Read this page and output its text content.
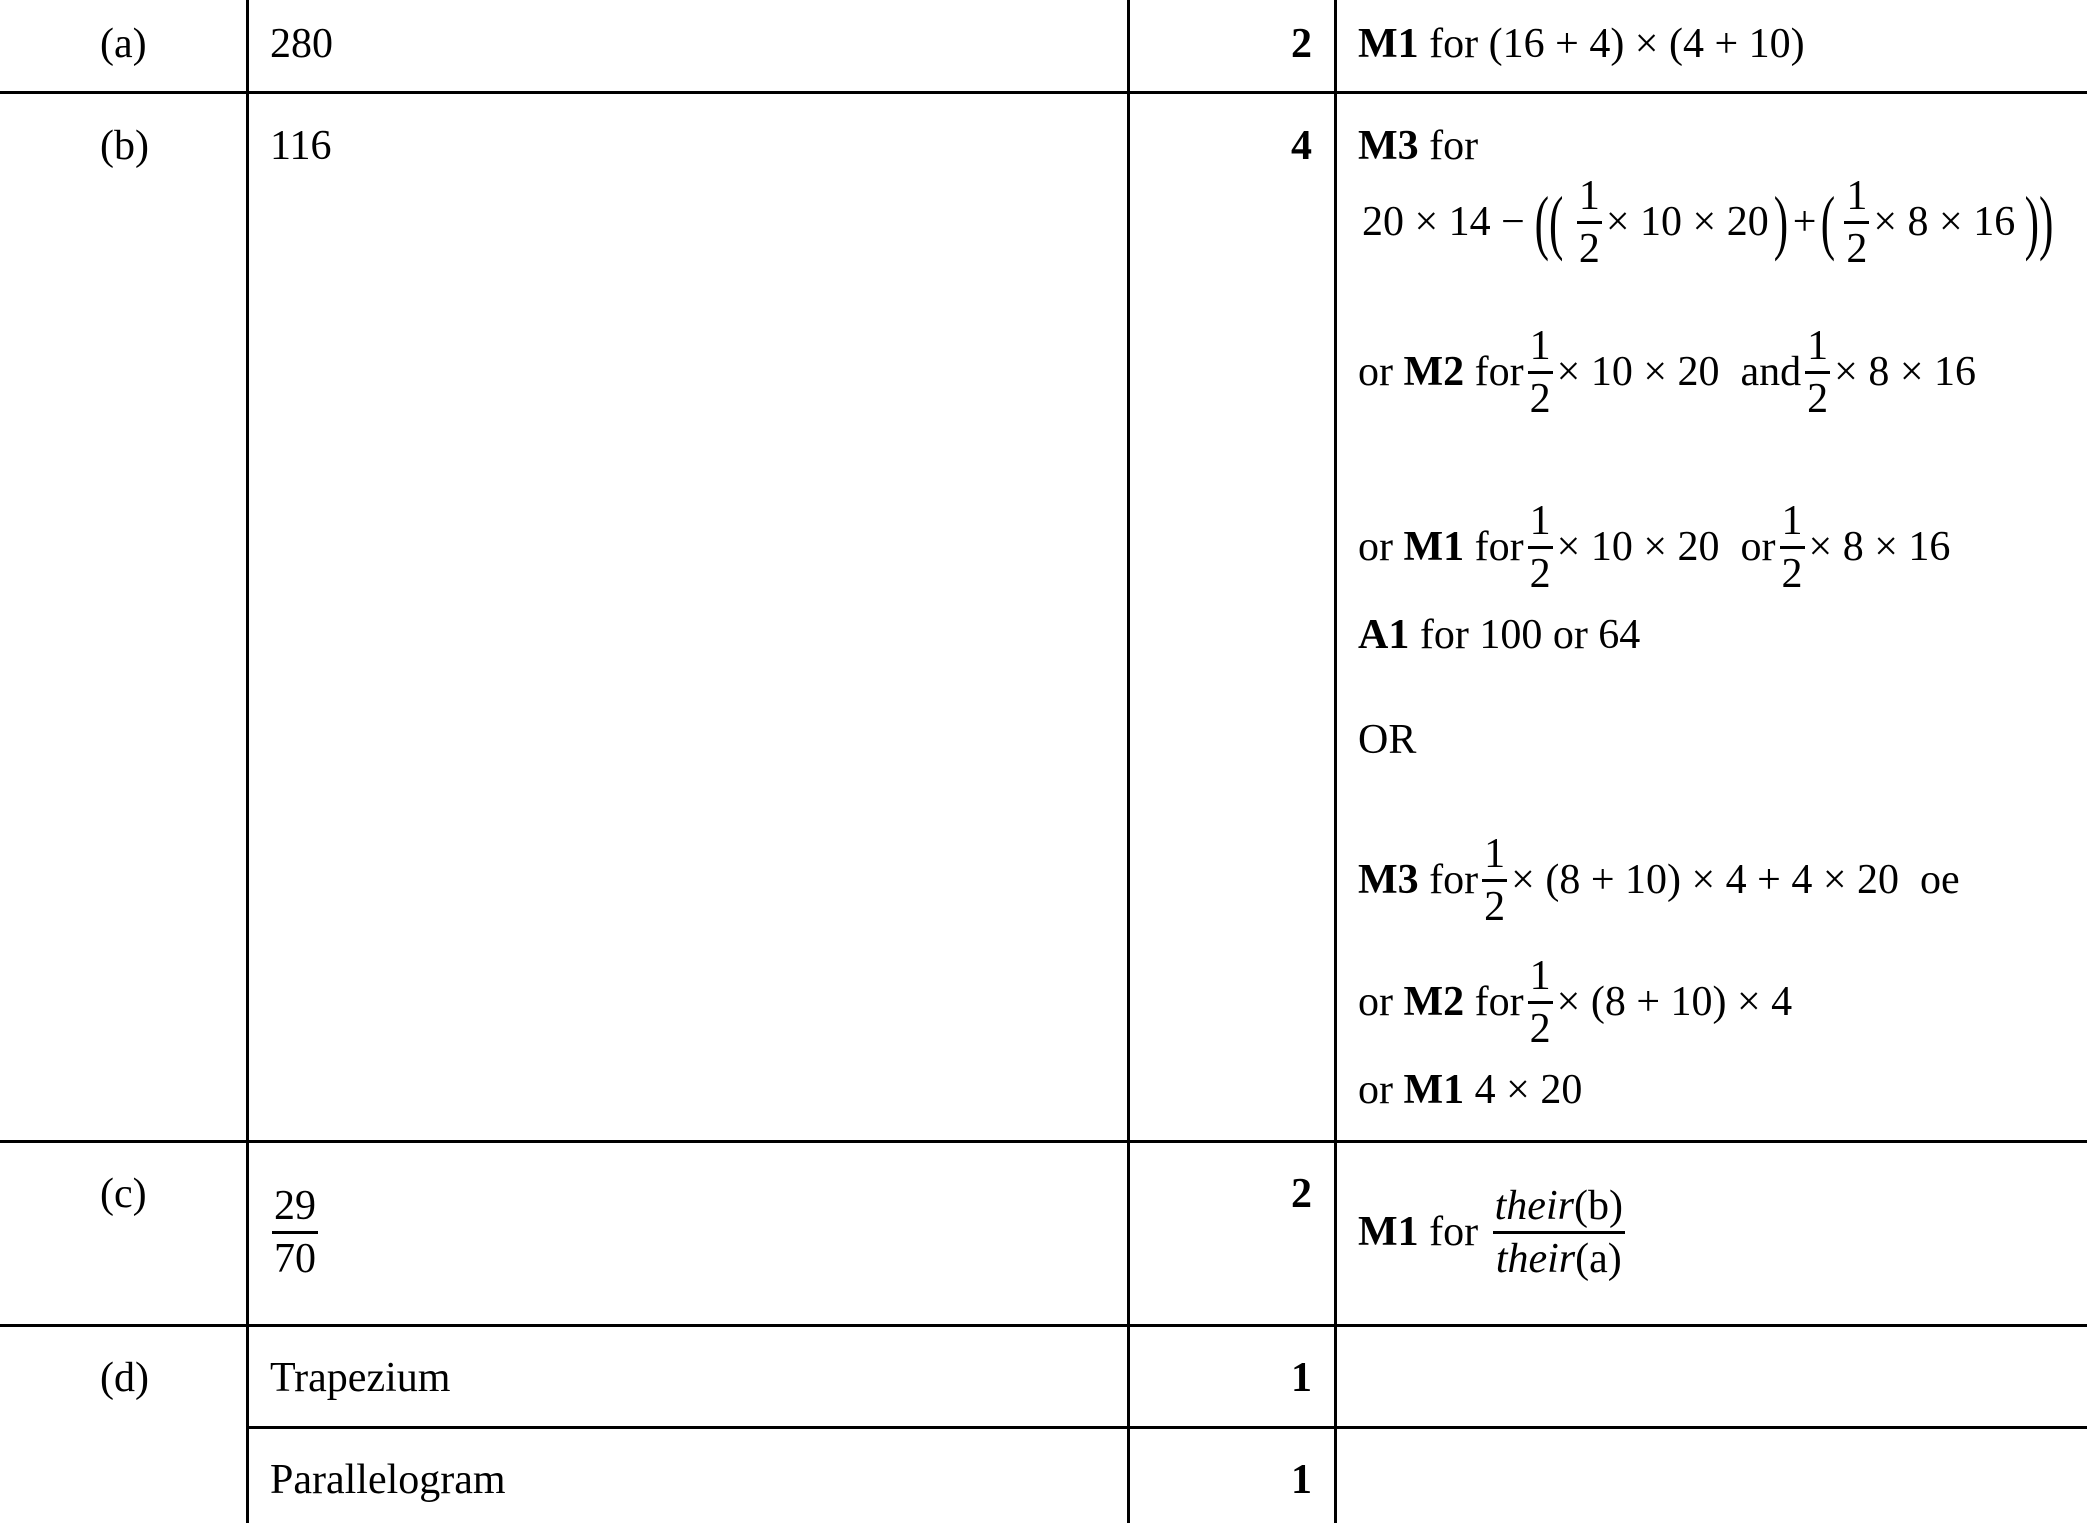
(a)	280	2 M1 for (16 + 4) × (4 + 10)
(b)	116	4 M3 for
20 × 14 − (( $\frac{1}{2} \times 10 \times 20$ ) + ( $\frac{1}{2} \times 8 \times 16$ ))
or
M2
for $\frac{1}{2} \times 10 \times 20$
and $\frac{1}{2} \times 8 \times 16$
or
M1
for $\frac{1}{2} \times 10 \times 20$
or $\frac{1}{2} \times 8 \times 16$
A1 for 100 or 64
OR
M3
for $\frac{1}{2} \times (8 + 10) \times 4 + 4 \times 20$
oe
or
M2
for $\frac{1}{2} \times (8 + 10) \times 4$
or M1 4 × 20
(c)	$\frac{29}{70}$	2
M1
for
$\frac{\text{their(b)}}{\text{their(a)}}$
(d)	Trapezium	1
Parallelogram	1
